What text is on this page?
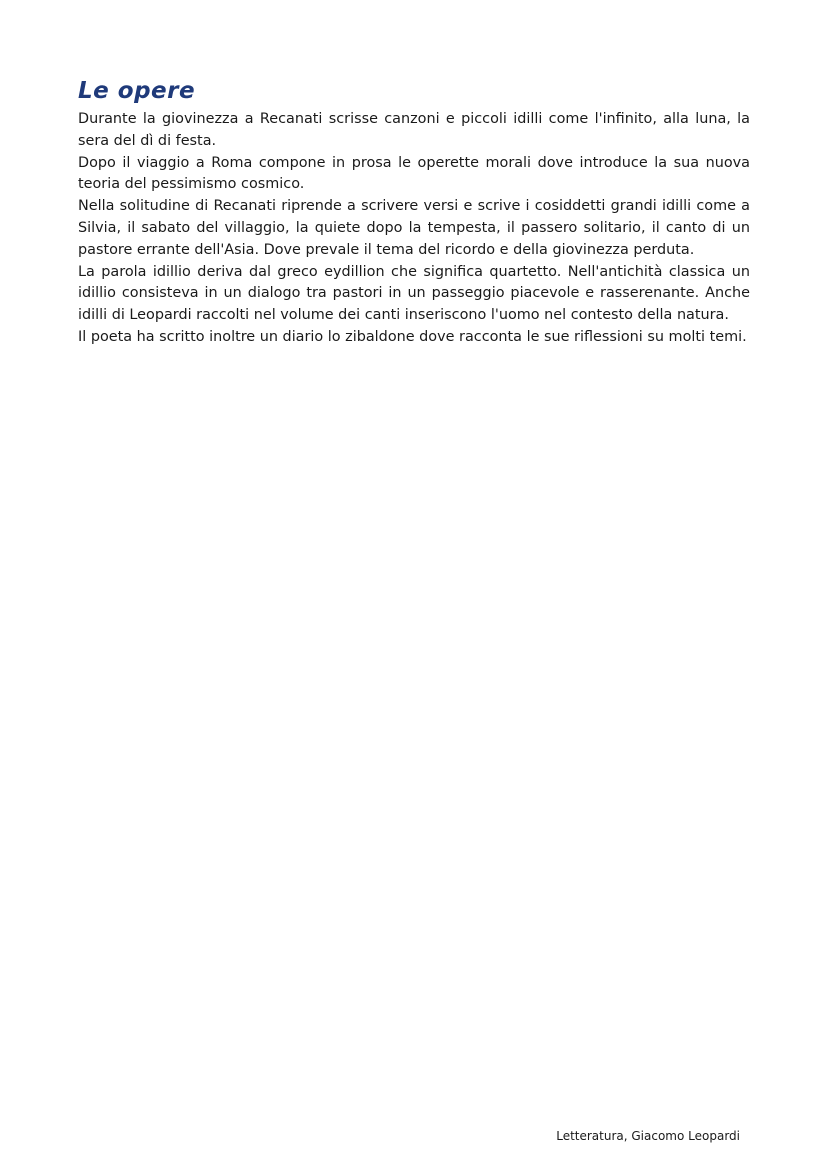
Le opere

Durante la giovinezza a Recanati scrisse canzoni e piccoli idilli come l'infinito, alla luna, la sera del dì di festa.

Dopo il viaggio a Roma compone in prosa le operette morali dove introduce la sua nuova teoria del pessimismo cosmico.

Nella solitudine di Recanati riprende a scrivere versi e scrive i cosiddetti grandi idilli come a Silvia, il sabato del villaggio, la quiete dopo la tempesta, il passero solitario, il canto di un pastore errante dell'Asia. Dove prevale il tema del ricordo e della giovinezza perduta.

La parola idillio deriva dal greco eydillion che significa quartetto. Nell'antichità classica un idillio consisteva in un dialogo tra pastori in un passeggio piacevole e rasserenante. Anche idilli di Leopardi raccolti nel volume dei canti inseriscono l'uomo nel contesto della natura.

Il poeta ha scritto inoltre un diario lo zibaldone dove racconta le sue riflessioni su molti temi.

Letteratura, Giacomo Leopardi
